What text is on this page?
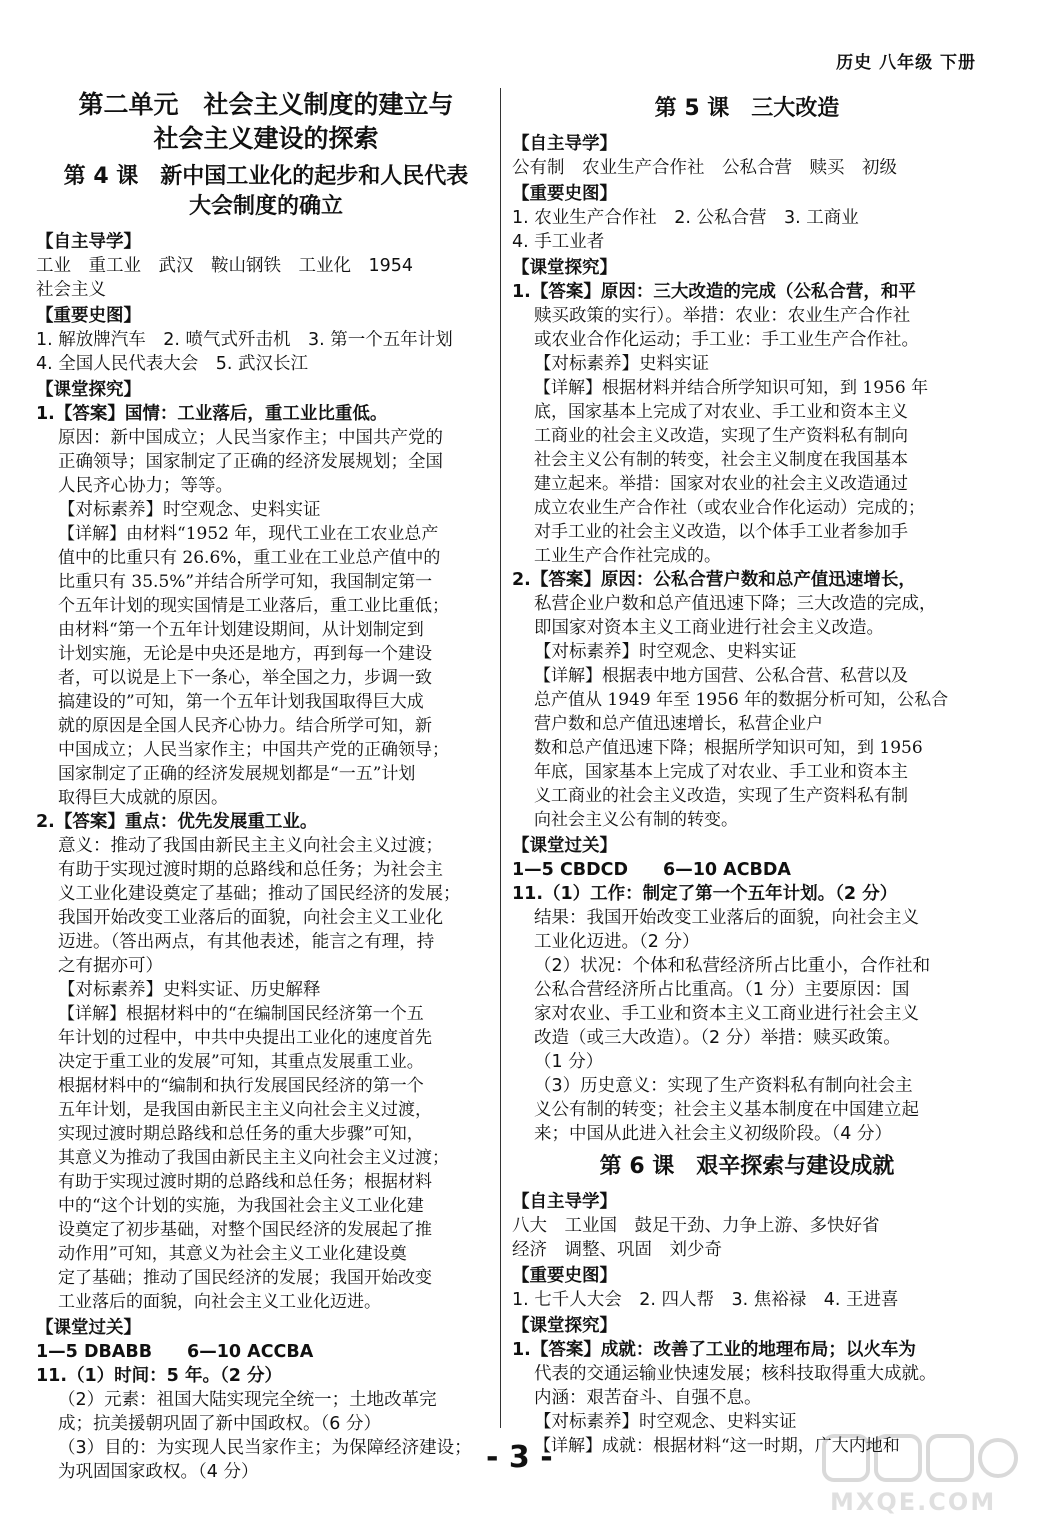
历史 八年级 下册
第二单元　社会主义制度的建立与
社会主义建设的探索
第 4 课　新中国工业化的起步和人民代表
大会制度的确立

【自主导学】

工业　重工业　武汉　鞍山钢铁　工业化　1954

社会主义

【重要史图】

1. 解放牌汽车　2. 喷气式歼击机　3. 第一个五年计划

4. 全国人民代表大会　5. 武汉长江

【课堂探究】

1.【答案】国情：工业落后，重工业比重低。

原因：新中国成立；人民当家作主；中国共产党的

正确领导；国家制定了正确的经济发展规划；全国

人民齐心协力；等等。

【对标素养】时空观念、史料实证

【详解】由材料“1952 年，现代工业在工农业总产

值中的比重只有 26.6%，重工业在工业总产值中的

比重只有 35.5%”并结合所学可知，我国制定第一

个五年计划的现实国情是工业落后，重工业比重低；

由材料“第一个五年计划建设期间，从计划制定到

计划实施，无论是中央还是地方，再到每一个建设

者，可以说是上下一条心，举全国之力，步调一致

搞建设的”可知，第一个五年计划我国取得巨大成

就的原因是全国人民齐心协力。结合所学可知，新

中国成立；人民当家作主；中国共产党的正确领导；

国家制定了正确的经济发展规划都是“一五”计划

取得巨大成就的原因。

2.【答案】重点：优先发展重工业。

意义：推动了我国由新民主主义向社会主义过渡；

有助于实现过渡时期的总路线和总任务；为社会主

义工业化建设奠定了基础；推动了国民经济的发展；

我国开始改变工业落后的面貌，向社会主义工业化

迈进。（答出两点，有其他表述，能言之有理，持

之有据亦可）

【对标素养】史料实证、历史解释

【详解】根据材料中的“在编制国民经济第一个五

年计划的过程中，中共中央提出工业化的速度首先

决定于重工业的发展”可知，其重点发展重工业。

根据材料中的“编制和执行发展国民经济的第一个

五年计划，是我国由新民主主义向社会主义过渡，

实现过渡时期总路线和总任务的重大步骤”可知，

其意义为推动了我国由新民主主义向社会主义过渡；

有助于实现过渡时期的总路线和总任务；根据材料

中的“这个计划的实施，为我国社会主义工业化建

设奠定了初步基础，对整个国民经济的发展起了推

动作用”可知，其意义为社会主义工业化建设奠

定了基础；推动了国民经济的发展；我国开始改变

工业落后的面貌，向社会主义工业化迈进。

【课堂过关】

1—5 DBABB　　6—10 ACCBA

11.（1）时间：5 年。（2 分）

（2）元素：祖国大陆实现完全统一；土地改革完

成；抗美援朝巩固了新中国政权。（6 分）

（3）目的：为实现人民当家作主；为保障经济建设；

为巩固国家政权。（4 分）

第 5 课　三大改造

【自主导学】

公有制　农业生产合作社　公私合营　赎买　初级

【重要史图】

1. 农业生产合作社　2. 公私合营　3. 工商业

4. 手工业者

【课堂探究】

1.【答案】原因：三大改造的完成（公私合营，和平

赎买政策的实行）。举措：农业：农业生产合作社

或农业合作化运动；手工业：手工业生产合作社。

【对标素养】史料实证

【详解】根据材料并结合所学知识可知，到 1956 年

底，国家基本上完成了对农业、手工业和资本主义

工商业的社会主义改造，实现了生产资料私有制向

社会主义公有制的转变，社会主义制度在我国基本

建立起来。举措：国家对农业的社会主义改造通过

成立农业生产合作社（或农业合作化运动）完成的；

对手工业的社会主义改造，以个体手工业者参加手

工业生产合作社完成的。

2.【答案】原因：公私合营户数和总产值迅速增长，

私营企业户数和总产值迅速下降；三大改造的完成，

即国家对资本主义工商业进行社会主义改造。

【对标素养】时空观念、史料实证

【详解】根据表中地方国营、公私合营、私营以及

总产值从 1949 年至 1956 年的数据分析可知，公私合

营户数和总产值迅速增长，私营企业户

数和总产值迅速下降；根据所学知识可知，到 1956

年底，国家基本上完成了对农业、手工业和资本主

义工商业的社会主义改造，实现了生产资料私有制

向社会主义公有制的转变。

【课堂过关】

1—5 CBDCD　　6—10 ACBDA

11.（1）工作：制定了第一个五年计划。（2 分）

结果：我国开始改变工业落后的面貌，向社会主义

工业化迈进。（2 分）

（2）状况：个体和私营经济所占比重小，合作社和

公私合营经济所占比重高。（1 分）主要原因：国

家对农业、手工业和资本主义工商业进行社会主义

改造（或三大改造）。（2 分）举措：赎买政策。

（1 分）

（3）历史意义：实现了生产资料私有制向社会主

义公有制的转变；社会主义基本制度在中国建立起

来；中国从此进入社会主义初级阶段。（4 分）

第 6 课　艰辛探索与建设成就

【自主导学】

八大　工业国　鼓足干劲、力争上游、多快好省

经济　调整、巩固　刘少奇

【重要史图】

1. 七千人大会　2. 四人帮　3. 焦裕禄　4. 王进喜

【课堂探究】

1.【答案】成就：改善了工业的地理布局；以火车为

代表的交通运输业快速发展；核科技取得重大成就。

内涵：艰苦奋斗、自强不息。

【对标素养】时空观念、史料实证

【详解】成就：根据材料“这一时期，广大内地和

- 3 -
MXQE.COM
